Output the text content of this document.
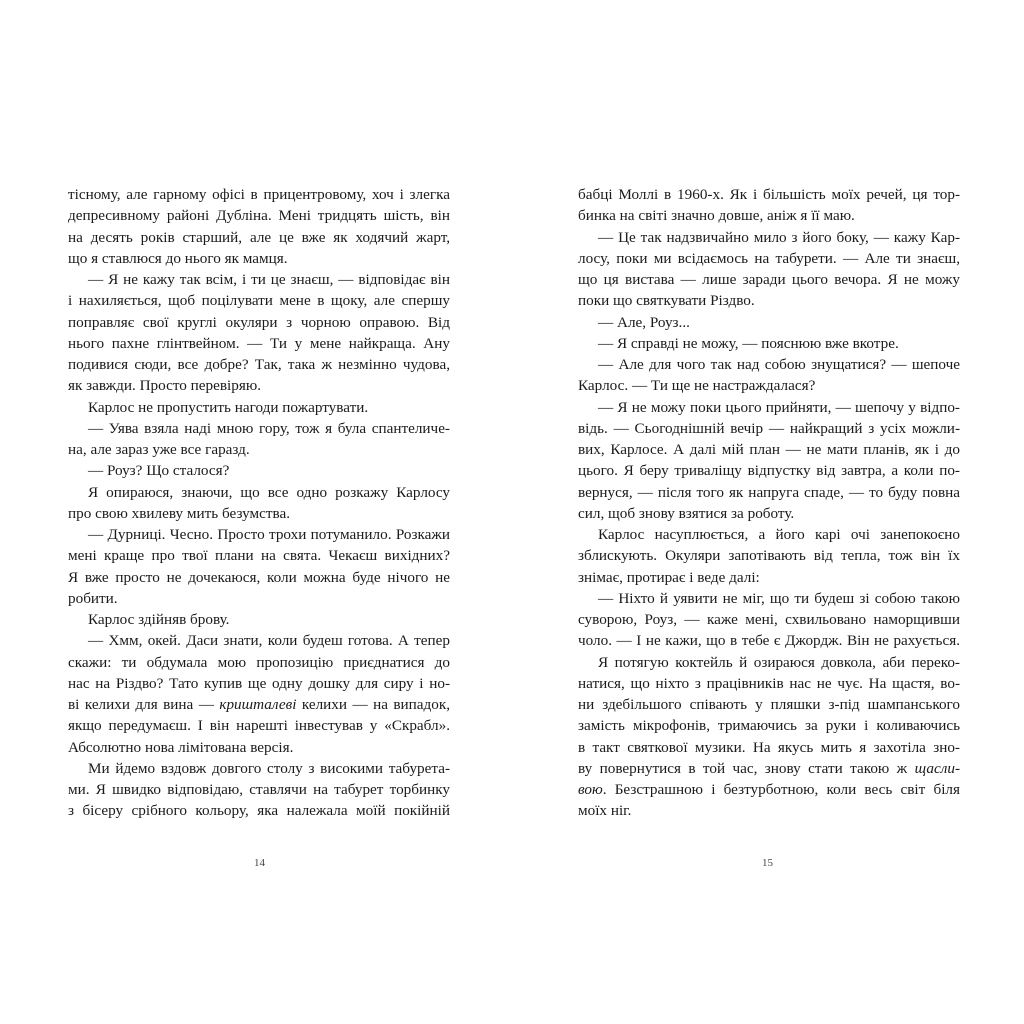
тісному, але гарному офісі в прицентровому, хоч і злегка

депресивному районі Дубліна. Мені тридцять шість, він

на десять років старший, але це вже як ходячий жарт,

що я ставлюся до нього як мамця.

— Я не кажу так всім, і ти це знаєш, — відповідає він

і нахиляється, щоб поцілувати мене в щоку, але спершу

поправляє свої круглі окуляри з чорною оправою. Від

нього пахне глінтвейном. — Ти у мене найкраща. Ану

подивися сюди, все добре? Так, така ж незмінно чудова,

як завжди. Просто перевіряю.

Карлос не пропустить нагоди пожартувати.

— Уява взяла наді мною гору, тож я була спантеличе-

на, але зараз уже все гаразд.

— Роуз? Що сталося?

Я опираюся, знаючи, що все одно розкажу Карлосу

про свою хвилеву мить безумства.

— Дурниці. Чесно. Просто трохи потуманило. Розкажи

мені краще про твої плани на свята. Чекаєш вихідних?

Я вже просто не дочекаюся, коли можна буде нічого не

робити.

Карлос здійняв брову.

— Хмм, окей. Даси знати, коли будеш готова. А тепер

скажи: ти обдумала мою пропозицію приєднатися до

нас на Різдво? Тато купив ще одну дошку для сиру і но-

ві келихи для вина — кришталеві келихи — на випадок,

якщо передумаєш. І він нарешті інвестував у «Скрабл».

Абсолютно нова лімітована версія.

Ми йдемо вздовж довгого столу з високими табурета-

ми. Я швидко відповідаю, ставлячи на табурет торбинку

з бісеру срібного кольору, яка належала моїй покійній

14

бабці Моллі в 1960-х. Як і більшість моїх речей, ця тор-

бинка на світі значно довше, аніж я її маю.

— Це так надзвичайно мило з його боку, — кажу Кар-

лосу, поки ми всідаємось на табурети. — Але ти знаєш,

що ця вистава — лише заради цього вечора. Я не можу

поки що святкувати Різдво.

— Але, Роуз...

— Я справді не можу, — пояснюю вже вкотре.

— Але для чого так над собою знущатися? — шепоче

Карлос. — Ти ще не настраждалася?

— Я не можу поки цього прийняти, — шепочу у відпо-

відь. — Сьогоднішній вечір — найкращий з усіх можли-

вих, Карлосе. А далі мій план — не мати планів, як і до

цього. Я беру триваліщу відпустку від завтра, а коли по-

вернуся, — після того як напруга спаде, — то буду повна

сил, щоб знову взятися за роботу.

Карлос насуплюється, а його карі очі занепокоєно

зблискують. Окуляри запотівають від тепла, тож він їх

знімає, протирає і веде далі:

— Ніхто й уявити не міг, що ти будеш зі собою такою

суворою, Роуз, — каже мені, схвильовано наморщивши

чоло. — І не кажи, що в тебе є Джордж. Він не рахується.

Я потягую коктейль й озираюся довкола, аби переко-

натися, що ніхто з працівників нас не чує. На щастя, во-

ни здебільшого співають у пляшки з-під шампанського

замість мікрофонів, тримаючись за руки і коливаючись

в такт святкової музики. На якусь мить я захотіла зно-

ву повернутися в той час, знову стати такою ж щасли-

вою. Безстрашною і безтурботною, коли весь світ біля

моїх ніг.

15
